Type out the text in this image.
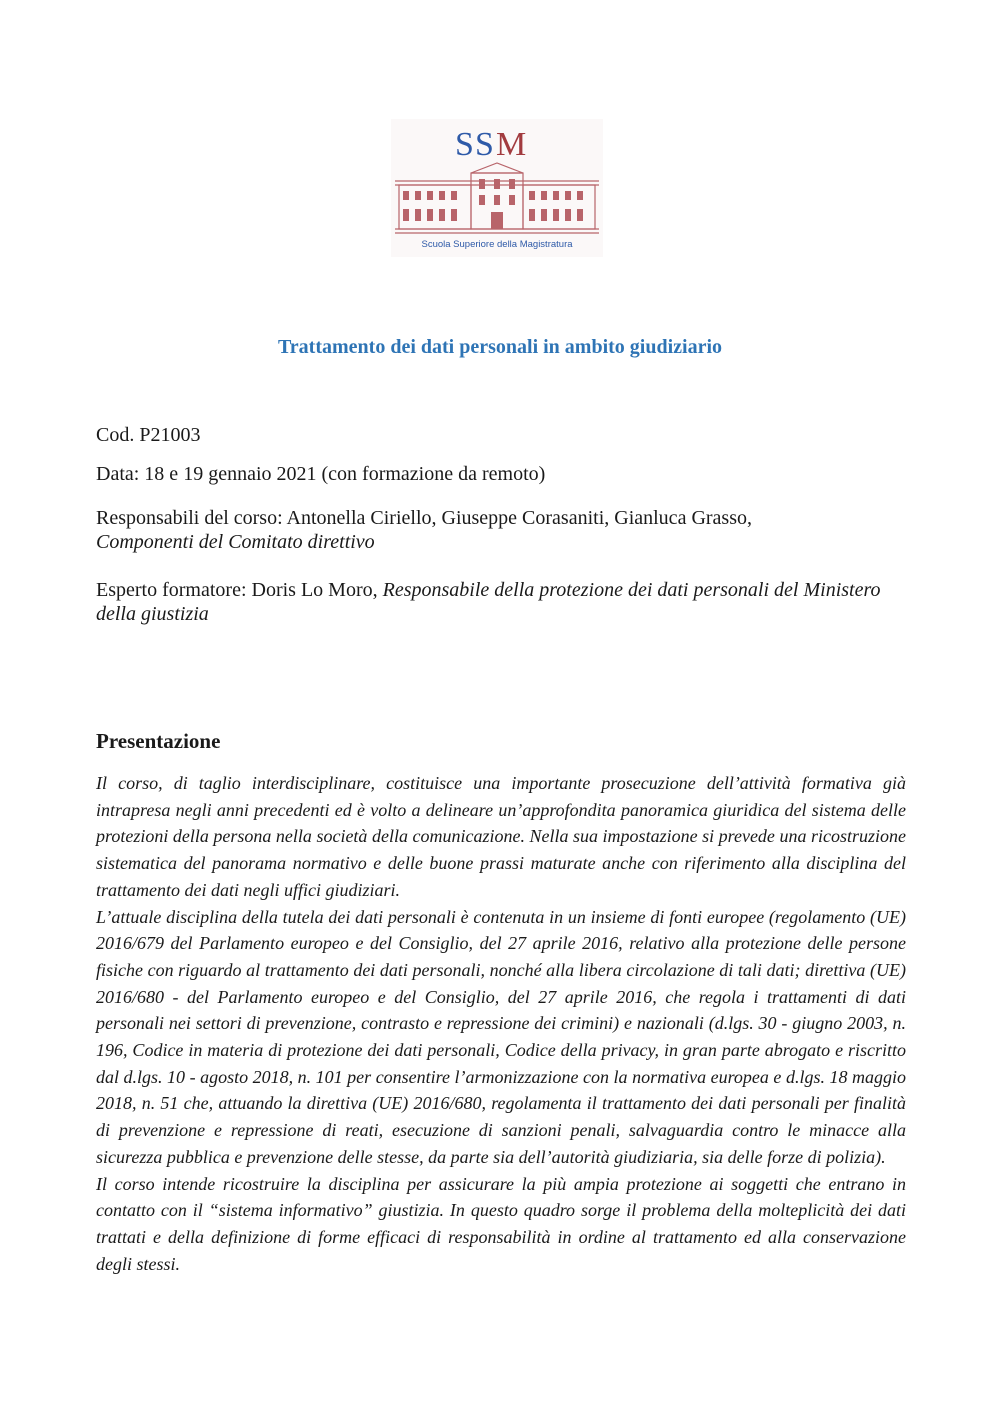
S S M
Scuola Superiore della Magistratura
Trattamento dei dati personali in ambito giudiziario
Cod. P21003
Data: 18 e 19 gennaio 2021 (con formazione da remoto)
Responsabili del corso: Antonella Ciriello, Giuseppe Corasaniti, Gianluca Grasso,
Componenti del Comitato direttivo
Esperto formatore: Doris Lo Moro, Responsabile della protezione dei dati personali del Ministero della giustizia
Presentazione

Il corso, di taglio interdisciplinare, costituisce una importante prosecuzione dell’attività formativa già intrapresa negli anni precedenti ed è volto a delineare un’approfondita panoramica giuridica del sistema delle protezioni della persona nella società della comunicazione. Nella sua impostazione si prevede una ricostruzione sistematica del panorama normativo e delle buone prassi maturate anche con riferimento alla disciplina del trattamento dei dati negli uffici giudiziari.

L’attuale disciplina della tutela dei dati personali è contenuta in un insieme di fonti europee (regolamento (UE) 2016/679 del Parlamento europeo e del Consiglio, del 27 aprile 2016, relativo alla protezione delle persone fisiche con riguardo al trattamento dei dati personali, nonché alla libera circolazione di tali dati; direttiva (UE) 2016/680 - del Parlamento europeo e del Consiglio, del 27 aprile 2016, che regola i trattamenti di dati personali nei settori di prevenzione, contrasto e repressione dei crimini) e nazionali (d.lgs. 30 - giugno 2003, n. 196, Codice in materia di protezione dei dati personali, Codice della privacy, in gran parte abrogato e riscritto dal d.lgs. 10 - agosto 2018, n. 101 per consentire l’armonizzazione con la normativa europea e d.lgs. 18 maggio 2018, n. 51 che, attuando la direttiva (UE) 2016/680, regolamenta il trattamento dei dati personali per finalità di prevenzione e repressione di reati, esecuzione di sanzioni penali, salvaguardia contro le minacce alla sicurezza pubblica e prevenzione delle stesse, da parte sia dell’autorità giudiziaria, sia delle forze di polizia).

Il corso intende ricostruire la disciplina per assicurare la più ampia protezione ai soggetti che entrano in contatto con il “sistema informativo” giustizia. In questo quadro sorge il problema della molteplicità dei dati trattati e della definizione di forme efficaci di responsabilità in ordine al trattamento ed alla conservazione degli stessi.
